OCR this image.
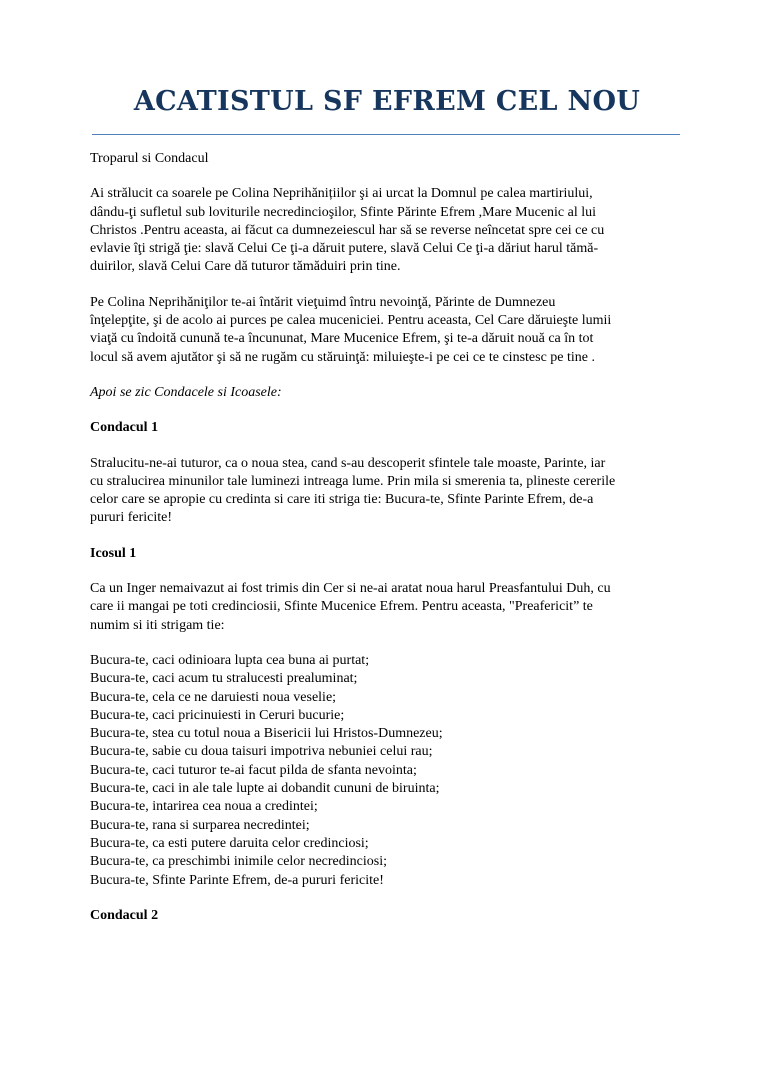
ACATISTUL SF EFREM CEL NOU

Troparul si Condacul

Ai strălucit ca soarele pe Colina Neprihănițiilor şi ai urcat la Domnul pe calea martiriului,
dându-ţi sufletul sub loviturile necredincioşilor, Sfinte Părinte Efrem ,Mare Mucenic al lui
Christos .Pentru aceasta, ai făcut ca dumnezeiescul har să se reverse neîncetat spre cei ce cu
evlavie îţi strigă ţie: slavă Celui Ce ţi-a dăruit putere, slavă Celui Ce ţi-a dăriut harul tămă-
duirilor, slavă Celui Care dă tuturor tămăduiri prin tine.
Pe Colina Neprihăniţilor te-ai întărit vieţuimd întru nevoinţă, Părinte de Dumnezeu
înţelepţite, şi de acolo ai purces pe calea muceniciei. Pentru aceasta, Cel Care dăruieşte lumii
viaţă cu îndoită cunună te-a încununat, Mare Mucenice Efrem, şi te-a dăruit nouă ca în tot
locul să avem ajutător şi să ne rugăm cu stăruinţă: miluieşte-i pe cei ce te cinstesc pe tine .

Apoi se zic Condacele si Icoasele:

Condacul 1

Stralucitu-ne-ai tuturor, ca o noua stea, cand s-au descoperit sfintele tale moaste, Parinte, iar
cu stralucirea minunilor tale luminezi intreaga lume. Prin mila si smerenia ta, plineste cererile
celor care se apropie cu credinta si care iti striga tie: Bucura-te, Sfinte Parinte Efrem, de-a
pururi fericite!

Icosul 1

Ca un Inger nemaivazut ai fost trimis din Cer si ne-ai aratat noua harul Preasfantului Duh, cu
care ii mangai pe toti credinciosii, Sfinte Mucenice Efrem. Pentru aceasta, "Preafericit” te
numim si iti strigam tie:
Bucura-te, caci odinioara lupta cea buna ai purtat;
Bucura-te, caci acum tu stralucesti prealuminat;
Bucura-te, cela ce ne daruiesti noua veselie;
Bucura-te, caci pricinuiesti in Ceruri bucurie;
Bucura-te, stea cu totul noua a Bisericii lui Hristos-Dumnezeu;
Bucura-te, sabie cu doua taisuri impotriva nebuniei celui rau;
Bucura-te, caci tuturor te-ai facut pilda de sfanta nevointa;
Bucura-te, caci in ale tale lupte ai dobandit cununi de biruinta;
Bucura-te, intarirea cea noua a credintei;
Bucura-te, rana si surparea necredintei;
Bucura-te, ca esti putere daruita celor credinciosi;
Bucura-te, ca preschimbi inimile celor necredinciosi;
Bucura-te, Sfinte Parinte Efrem, de-a pururi fericite!

Condacul 2
